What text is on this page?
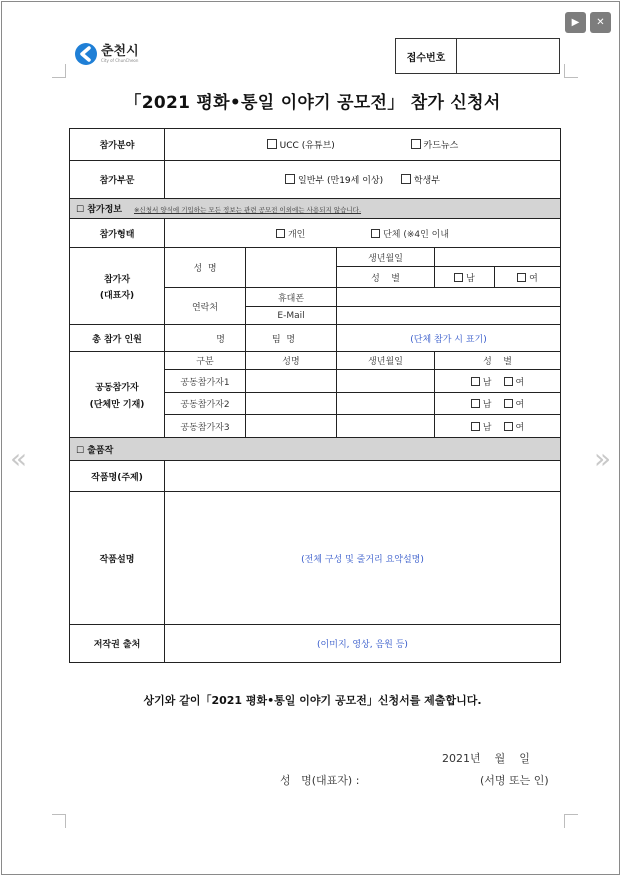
▶	✕
«	»
춘천시
City of ChunCheon	접수번호
「2021 평화•통일 이야기 공모전」 참가 신청서
참가분야	UCC (유튜브) 카드뉴스				
참가부문	일반부 (만19세 이상) 학생부				
☐ 참가정보 ※신청서 양식에 기입하는 모든 정보는 관련 공모전 이외에는 사용되지 않습니다.					
참가형태	개인 단체 (※4인 이내				

참가자
(대표자)	성  명		생년월일		
			성    별	남	여
	연락처	휴대폰			
		E-Mail			
총 참가 인원	명	팀  명	(단체 참가 시 표기)		

공동참가자
(단체만 기재)	구분	성명	생년월일	성    별	
	공동참가자1			남 여	
	공동참가자2			남 여	
	공동참가자3			남 여	
☐ 출품작					
작품명(주제)					
작품설명	(전체 구성 및 줄거리 요약설명)				
저작권 출처	(이미지, 영상, 음원 등)				
상기와 같이「2021 평화•통일 이야기 공모전」신청서를 제출합니다.
2021년    월    일
성   명(대표자) :	(서명 또는 인)
